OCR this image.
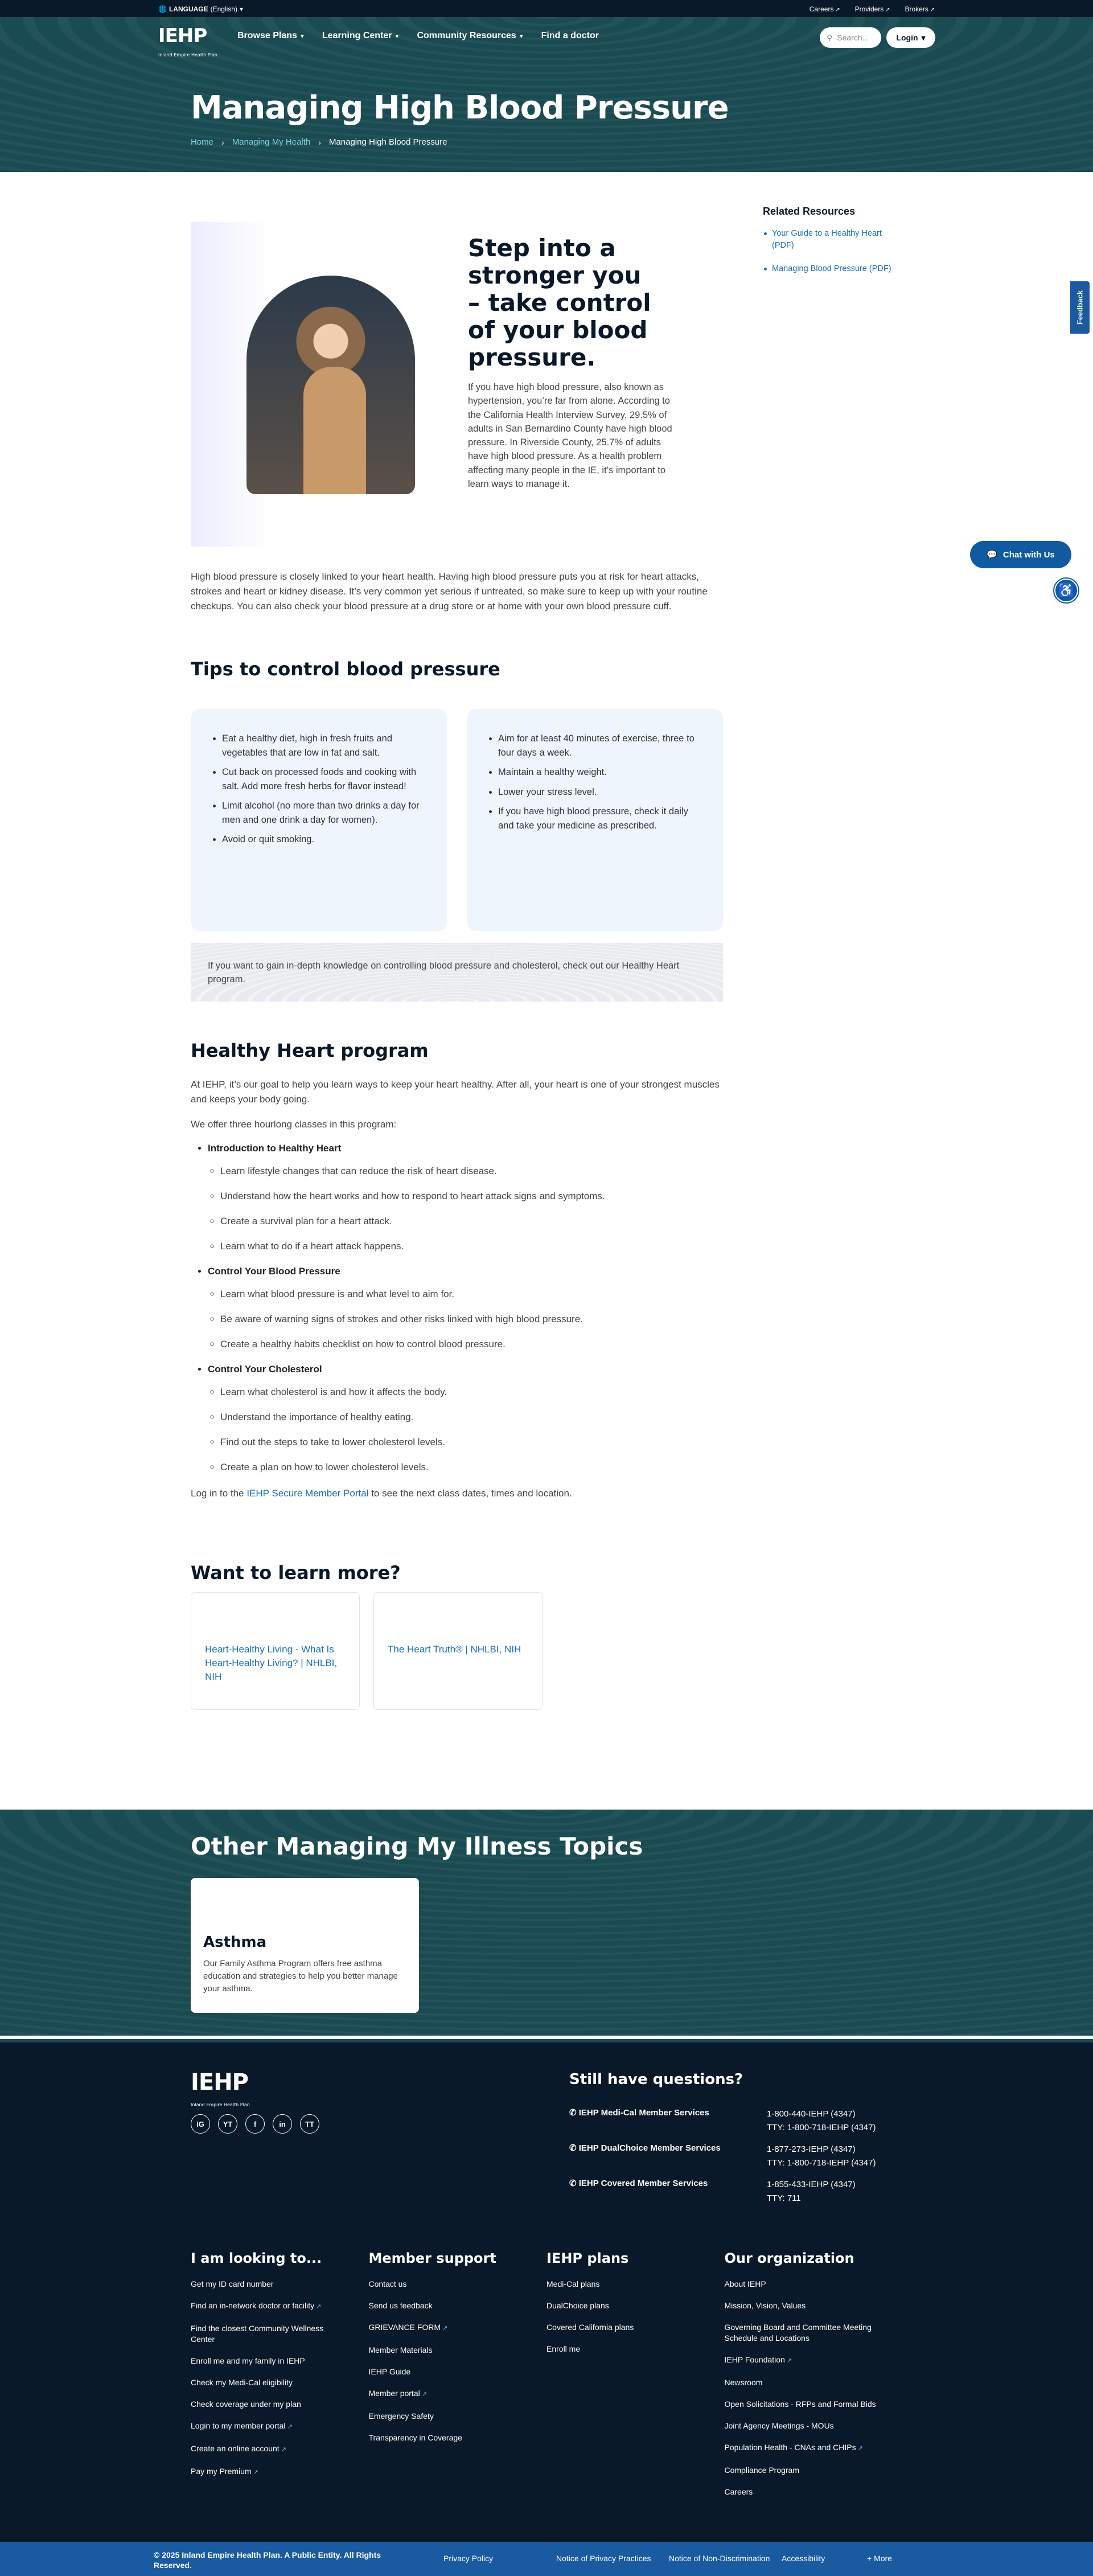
🌐 LANGUAGE (English) ▾	Careers ↗	Providers ↗	Brokers ↗
IEHP
Inland Empire Health Plan
Browse Plans ▼ Learning Center ▼ Community Resources ▼ Find a doctor	⚲ Search...	Login ▾
Managing High Blood Pressure
Home › Managing My Health › Managing High Blood Pressure
Step into a stronger you – take control of your blood pressure.

If you have high blood pressure, also known as hypertension, you’re far from alone. According to the California Health Interview Survey, 29.5% of adults in San Bernardino County have high blood pressure. In Riverside County, 25.7% of adults have high blood pressure. As a health problem affecting many people in the IE, it’s important to learn ways to manage it.

Related Resources
Your Guide to a Healthy Heart (PDF)
Managing Blood Pressure (PDF)
Feedback
💬 Chat with Us
♿

High blood pressure is closely linked to your heart health. Having high blood pressure puts you at risk for heart attacks, strokes and heart or kidney disease. It’s very common yet serious if untreated, so make sure to keep up with your routine checkups. You can also check your blood pressure at a drug store or at home with your own blood pressure cuff.

Tips to control blood pressure
• Eat a healthy diet, high in fresh fruits and vegetables that are low in fat and salt.
• Cut back on processed foods and cooking with salt. Add more fresh herbs for flavor instead!
• Limit alcohol (no more than two drinks a day for men and one drink a day for women).
• Avoid or quit smoking.
• Aim for at least 40 minutes of exercise, three to four days a week.
• Maintain a healthy weight.
• Lower your stress level.
• If you have high blood pressure, check it daily and take your medicine as prescribed.
If you want to gain in-depth knowledge on controlling blood pressure and cholesterol, check out our Healthy Heart program.
Healthy Heart program

At IEHP, it’s our goal to help you learn ways to keep your heart healthy. After all, your heart is one of your strongest muscles and keeps your body going.

We offer three hourlong classes in this program:

• Introduction to Healthy Heart
◦ Learn lifestyle changes that can reduce the risk of heart disease.
◦ Understand how the heart works and how to respond to heart attack signs and symptoms.
◦ Create a survival plan for a heart attack.
◦ Learn what to do if a heart attack happens.
• Control Your Blood Pressure
◦ Learn what blood pressure is and what level to aim for.
◦ Be aware of warning signs of strokes and other risks linked with high blood pressure.
◦ Create a healthy habits checklist on how to control blood pressure.
• Control Your Cholesterol
◦ Learn what cholesterol is and how it affects the body.
◦ Understand the importance of healthy eating.
◦ Find out the steps to take to lower cholesterol levels.
◦ Create a plan on how to lower cholesterol levels.

Log in to the IEHP Secure Member Portal to see the next class dates, times and location.

Want to learn more?
Heart-Healthy Living - What Is Heart-Healthy Living? | NHLBI, NIH
The Heart Truth® | NHLBI, NIH
Other Managing My Illness Topics
Asthma

Our Family Asthma Program offers free asthma education and strategies to help you better manage your asthma.

IEHP
Inland Empire Health Plan
IG	YT	f	in	TT
Still have questions?
✆ IEHP Medi-Cal Member Services	1-800-440-IEHP (4347)
TTY: 1-800-718-IEHP (4347)
✆ IEHP DualChoice Member Services	1-877-273-IEHP (4347)
TTY: 1-800-718-IEHP (4347)
✆ IEHP Covered Member Services	1-855-433-IEHP (4347)
TTY: 711
I am looking to...
Get my ID card number
Find an in-network doctor or facility ↗
Find the closest Community Wellness Center
Enroll me and my family in IEHP
Check my Medi-Cal eligibility
Check coverage under my plan
Login to my member portal ↗
Create an online account ↗
Pay my Premium ↗
Member support
Contact us
Send us feedback
GRIEVANCE FORM ↗
Member Materials
IEHP Guide
Member portal ↗
Emergency Safety
Transparency in Coverage
IEHP plans
Medi-Cal plans
DualChoice plans
Covered California plans
Enroll me
Our organization
About IEHP
Mission, Vision, Values
Governing Board and Committee Meeting Schedule and Locations
IEHP Foundation ↗
Newsroom
Open Solicitations - RFPs and Formal Bids
Joint Agency Meetings - MOUs
Population Health - CNAs and CHIPs ↗
Compliance Program
Careers
© 2025 Inland Empire Health Plan. A Public Entity. All Rights Reserved.
Privacy Policy	Notice of Privacy Practices	Notice of Non-Discrimination	Accessibility	+ More
